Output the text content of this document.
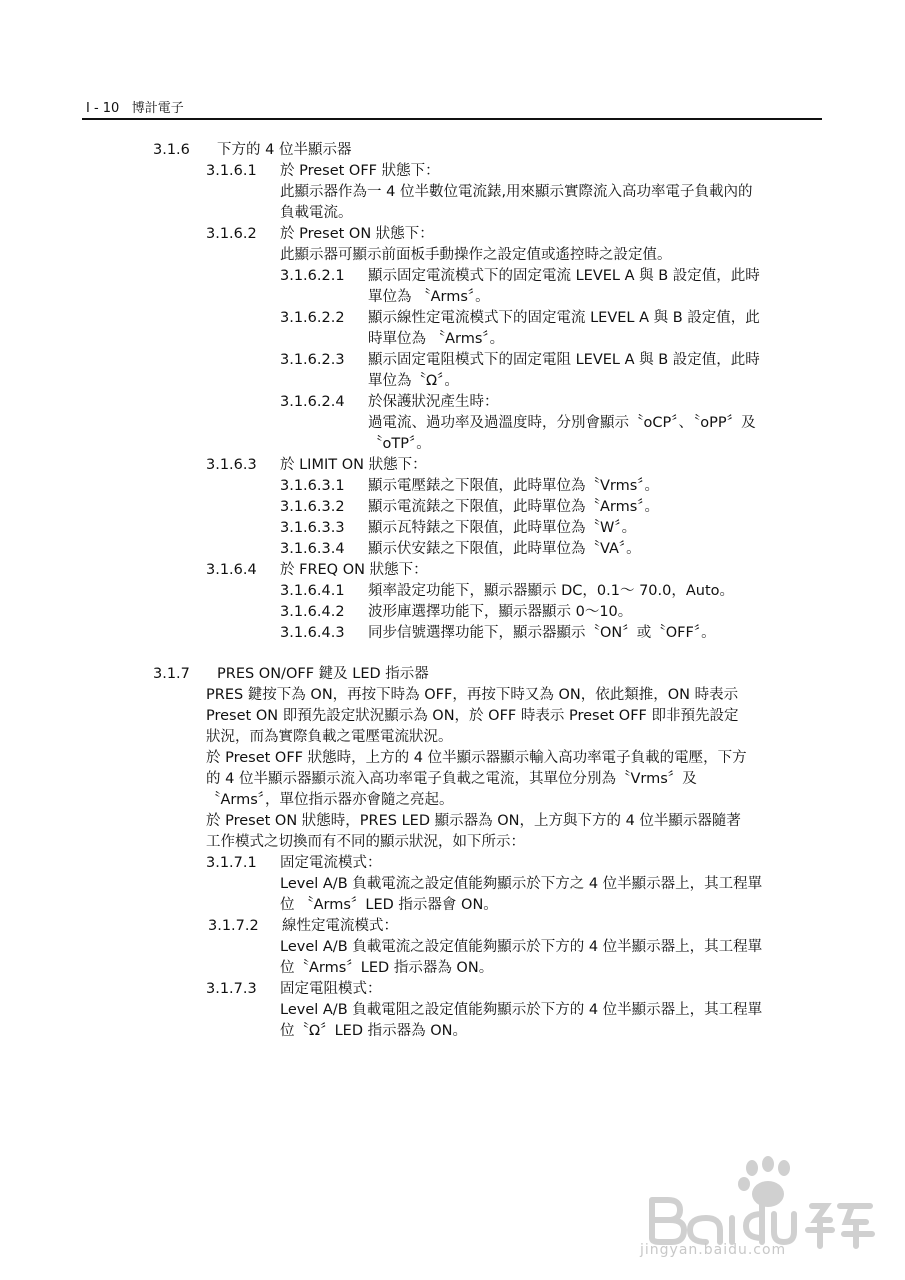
I - 10 博計電子
3.1.6 下方的 4 位半顯示器
3.1.6.1 於 Preset OFF 狀態下：
此顯示器作為一 4 位半數位電流錶,用來顯示實際流入高功率電子負載內的
負載電流。
3.1.6.2 於 Preset ON 狀態下：
此顯示器可顯示前面板手動操作之設定值或遙控時之設定值。
3.1.6.2.1 顯示固定電流模式下的固定電流 LEVEL A 與 B 設定值，此時
單位為 〝Arms〞。
3.1.6.2.2 顯示線性定電流模式下的固定電流 LEVEL A 與 B 設定值，此
時單位為 〝Arms〞。
3.1.6.2.3 顯示固定電阻模式下的固定電阻 LEVEL A 與 B 設定值，此時
單位為〝Ω〞。
3.1.6.2.4 於保護狀況產生時：
過電流、過功率及過溫度時，分別會顯示〝oCP〞、〝oPP〞及
〝oTP〞。
3.1.6.3 於 LIMIT ON 狀態下：
3.1.6.3.1 顯示電壓錶之下限值，此時單位為〝Vrms〞。
3.1.6.3.2 顯示電流錶之下限值，此時單位為〝Arms〞。
3.1.6.3.3 顯示瓦特錶之下限值，此時單位為〝W〞。
3.1.6.3.4 顯示伏安錶之下限值，此時單位為〝VA〞。
3.1.6.4 於 FREQ ON 狀態下：
3.1.6.4.1 頻率設定功能下，顯示器顯示 DC，0.1～ 70.0，Auto。
3.1.6.4.2 波形庫選擇功能下，顯示器顯示 0～10。
3.1.6.4.3 同步信號選擇功能下，顯示器顯示〝ON〞或〝OFF〞。
3.1.7 PRES ON/OFF 鍵及 LED 指示器
PRES 鍵按下為 ON，再按下時為 OFF，再按下時又為 ON，依此類推，ON 時表示
Preset ON 即預先設定狀況顯示為 ON，於 OFF 時表示 Preset OFF 即非預先設定
狀況，而為實際負載之電壓電流狀況。
於 Preset OFF 狀態時，上方的 4 位半顯示器顯示輸入高功率電子負載的電壓，下方
的 4 位半顯示器顯示流入高功率電子負載之電流，其單位分別為〝Vrms〞及
〝Arms〞，單位指示器亦會隨之亮起。
於 Preset ON 狀態時，PRES LED 顯示器為 ON，上方與下方的 4 位半顯示器隨著
工作模式之切換而有不同的顯示狀況，如下所示：
3.1.7.1 固定電流模式：
Level A/B 負載電流之設定值能夠顯示於下方之 4 位半顯示器上，其工程單
位 〝Arms〞LED 指示器會 ON。
3.1.7.2 線性定電流模式：
Level A/B 負載電流之設定值能夠顯示於下方的 4 位半顯示器上，其工程單
位〝Arms〞LED 指示器為 ON。
3.1.7.3 固定電阻模式：
Level A/B 負載電阻之設定值能夠顯示於下方的 4 位半顯示器上，其工程單
位〝Ω〞LED 指示器為 ON。
jingyan.baidu.com
